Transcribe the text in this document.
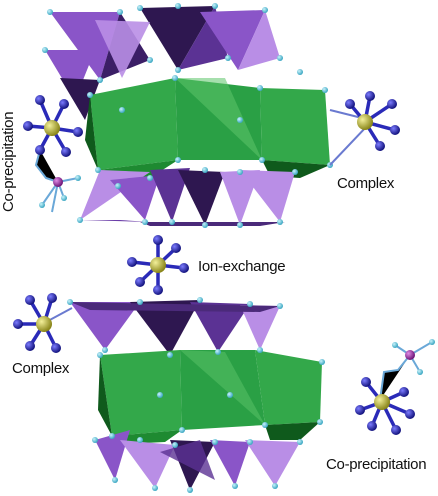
Co-precipitation	Complex
Ion-exchange
Complex
Co-precipitation
